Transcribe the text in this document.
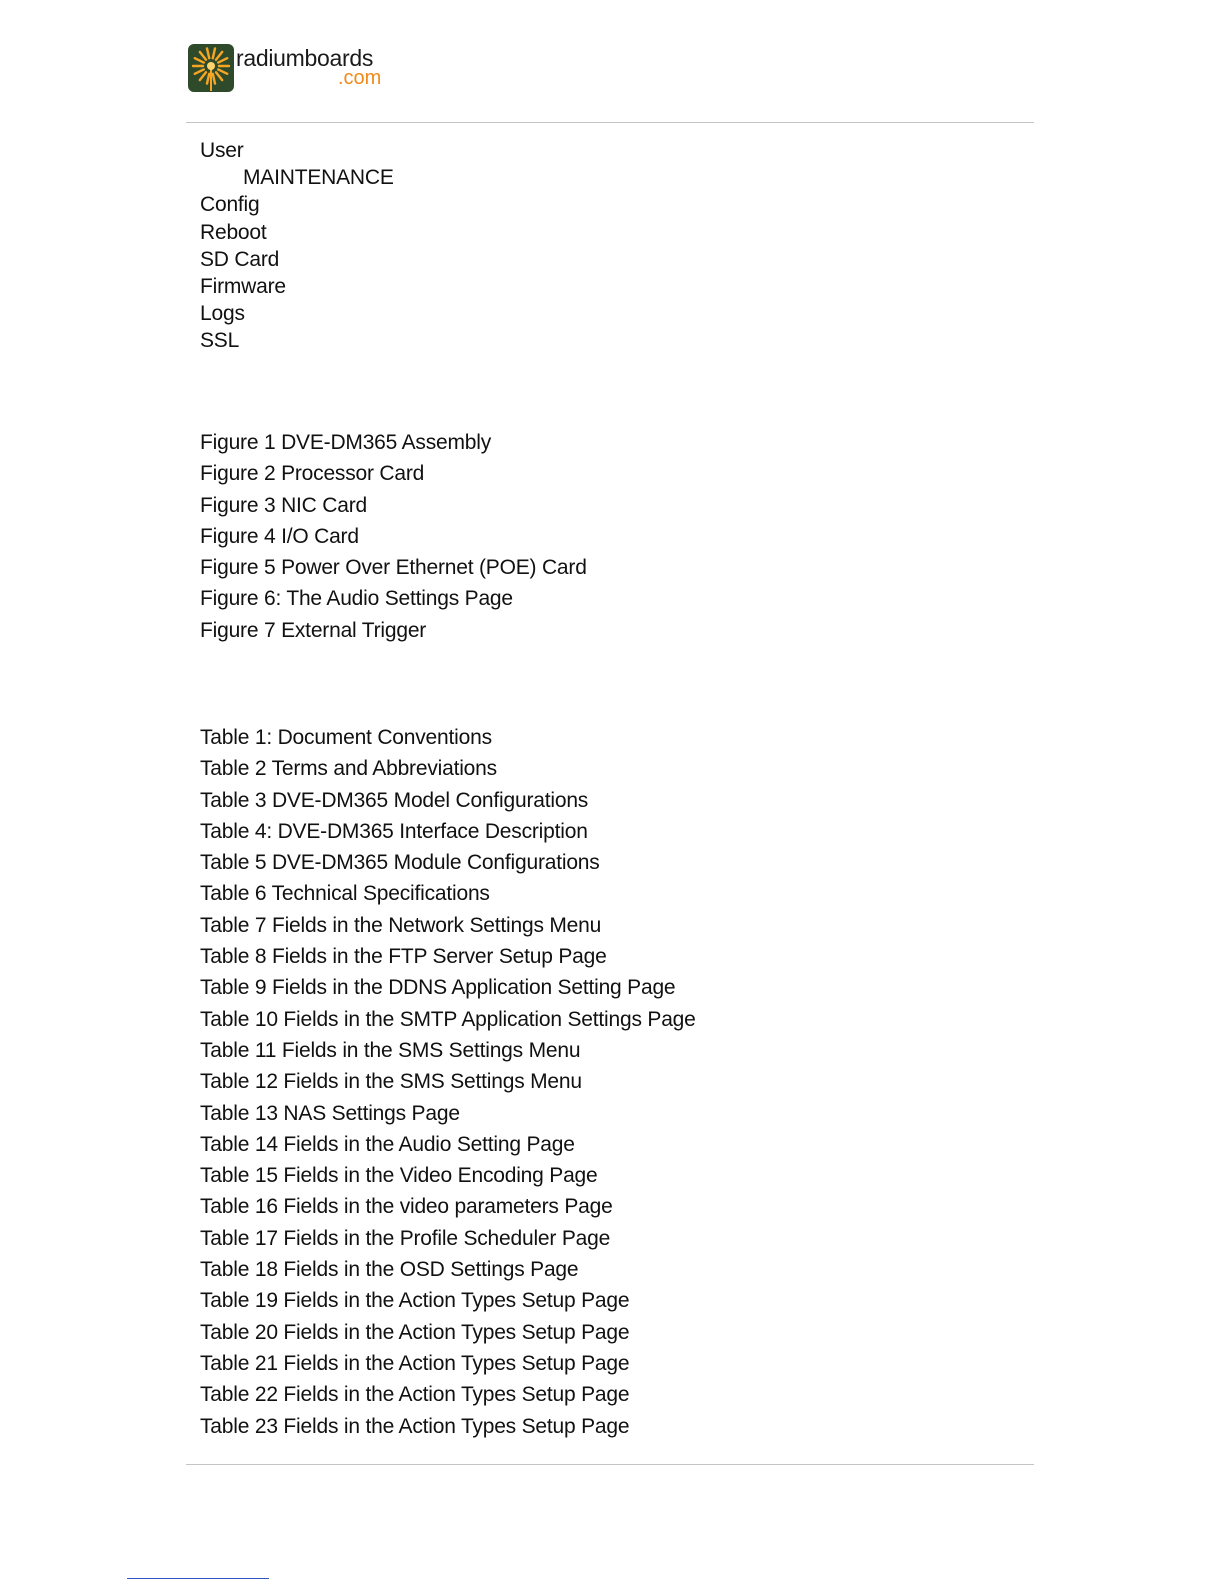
radiumboards
.com
User
MAINTENANCE
Config
Reboot
SD Card
Firmware
Logs
SSL
Figure 1 DVE-DM365 Assembly
Figure 2 Processor Card
Figure 3 NIC Card
Figure 4 I/O Card
Figure 5 Power Over Ethernet (POE) Card
Figure 6: The Audio Settings Page
Figure 7 External Trigger
Table 1: Document Conventions
Table 2 Terms and Abbreviations
Table 3 DVE-DM365 Model Configurations
Table 4: DVE-DM365 Interface Description
Table 5 DVE-DM365 Module Configurations
Table 6 Technical Specifications
Table 7 Fields in the Network Settings Menu
Table 8 Fields in the FTP Server Setup Page
Table 9 Fields in the DDNS Application Setting Page
Table 10 Fields in the SMTP Application Settings Page
Table 11 Fields in the SMS Settings Menu
Table 12 Fields in the SMS Settings Menu
Table 13 NAS Settings Page
Table 14 Fields in the Audio Setting Page
Table 15 Fields in the Video Encoding Page
Table 16 Fields in the video parameters Page
Table 17 Fields in the Profile Scheduler Page
Table 18 Fields in the OSD Settings Page
Table 19 Fields in the Action Types Setup Page
Table 20 Fields in the Action Types Setup Page
Table 21 Fields in the Action Types Setup Page
Table 22 Fields in the Action Types Setup Page
Table 23 Fields in the Action Types Setup Page
